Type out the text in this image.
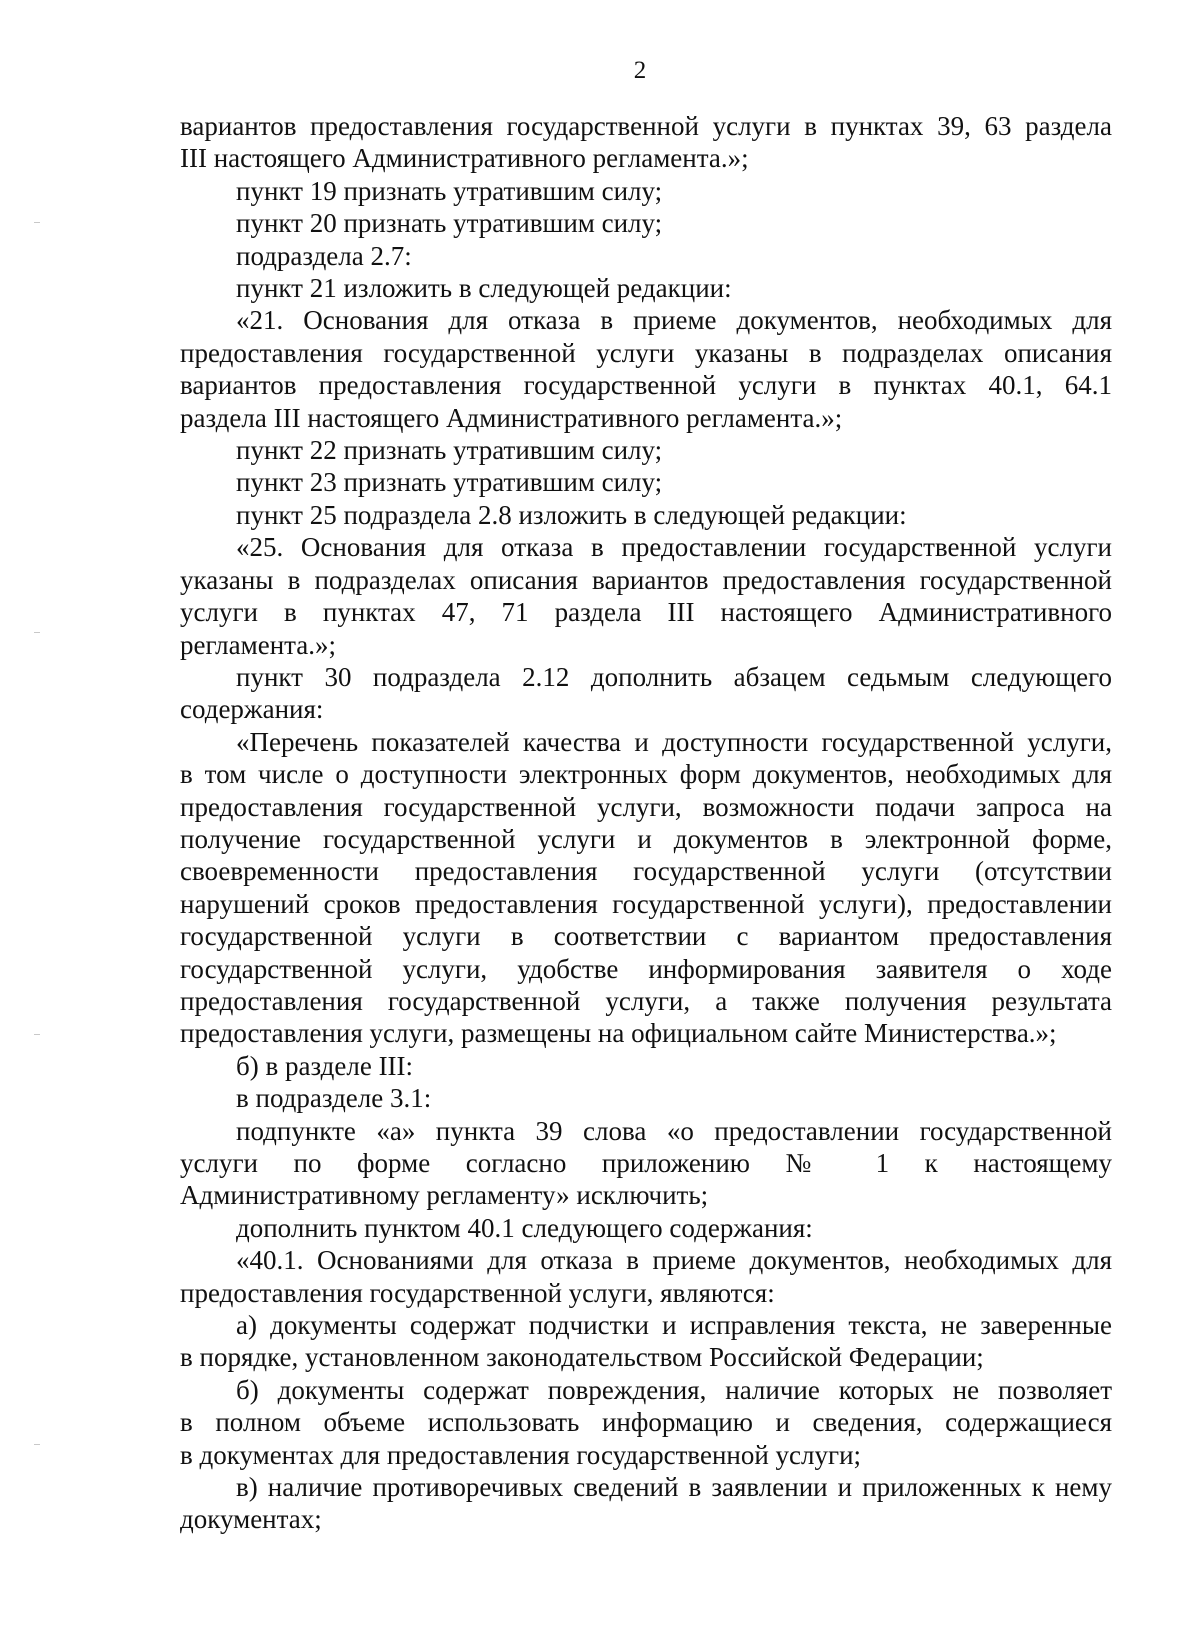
2
вариантов предоставления государственной услуги в пунктах 39, 63 раздела
III настоящего Административного регламента.»;
пункт 19 признать утратившим силу;
пункт 20 признать утратившим силу;
подраздела 2.7:
пункт 21 изложить в следующей редакции:
«21. Основания для отказа в приеме документов, необходимых для
предоставления государственной услуги указаны в подразделах описания
вариантов предоставления государственной услуги в пунктах 40.1, 64.1
раздела III настоящего Административного регламента.»;
пункт 22 признать утратившим силу;
пункт 23 признать утратившим силу;
пункт 25 подраздела 2.8 изложить в следующей редакции:
«25. Основания для отказа в предоставлении государственной услуги
указаны в подразделах описания вариантов предоставления государственной
услуги в пунктах 47, 71 раздела III настоящего Административного
регламента.»;
пункт 30 подраздела 2.12 дополнить абзацем седьмым следующего
содержания:
«Перечень показателей качества и доступности государственной услуги,
в том числе о доступности электронных форм документов, необходимых для
предоставления государственной услуги, возможности подачи запроса на
получение государственной услуги и документов в электронной форме,
своевременности предоставления государственной услуги (отсутствии
нарушений сроков предоставления государственной услуги), предоставлении
государственной услуги в соответствии с вариантом предоставления
государственной услуги, удобстве информирования заявителя о ходе
предоставления государственной услуги, а также получения результата
предоставления услуги, размещены на официальном сайте Министерства.»;
б) в разделе III:
в подразделе 3.1:
подпункте «а» пункта 39 слова «о предоставлении государственной
услуги по форме согласно приложению № 1 к настоящему
Административному регламенту» исключить;
дополнить пунктом 40.1 следующего содержания:
«40.1. Основаниями для отказа в приеме документов, необходимых для
предоставления государственной услуги, являются:
а) документы содержат подчистки и исправления текста, не заверенные
в порядке, установленном законодательством Российской Федерации;
б) документы содержат повреждения, наличие которых не позволяет
в полном объеме использовать информацию и сведения, содержащиеся
в документах для предоставления государственной услуги;
в) наличие противоречивых сведений в заявлении и приложенных к нему
документах;
